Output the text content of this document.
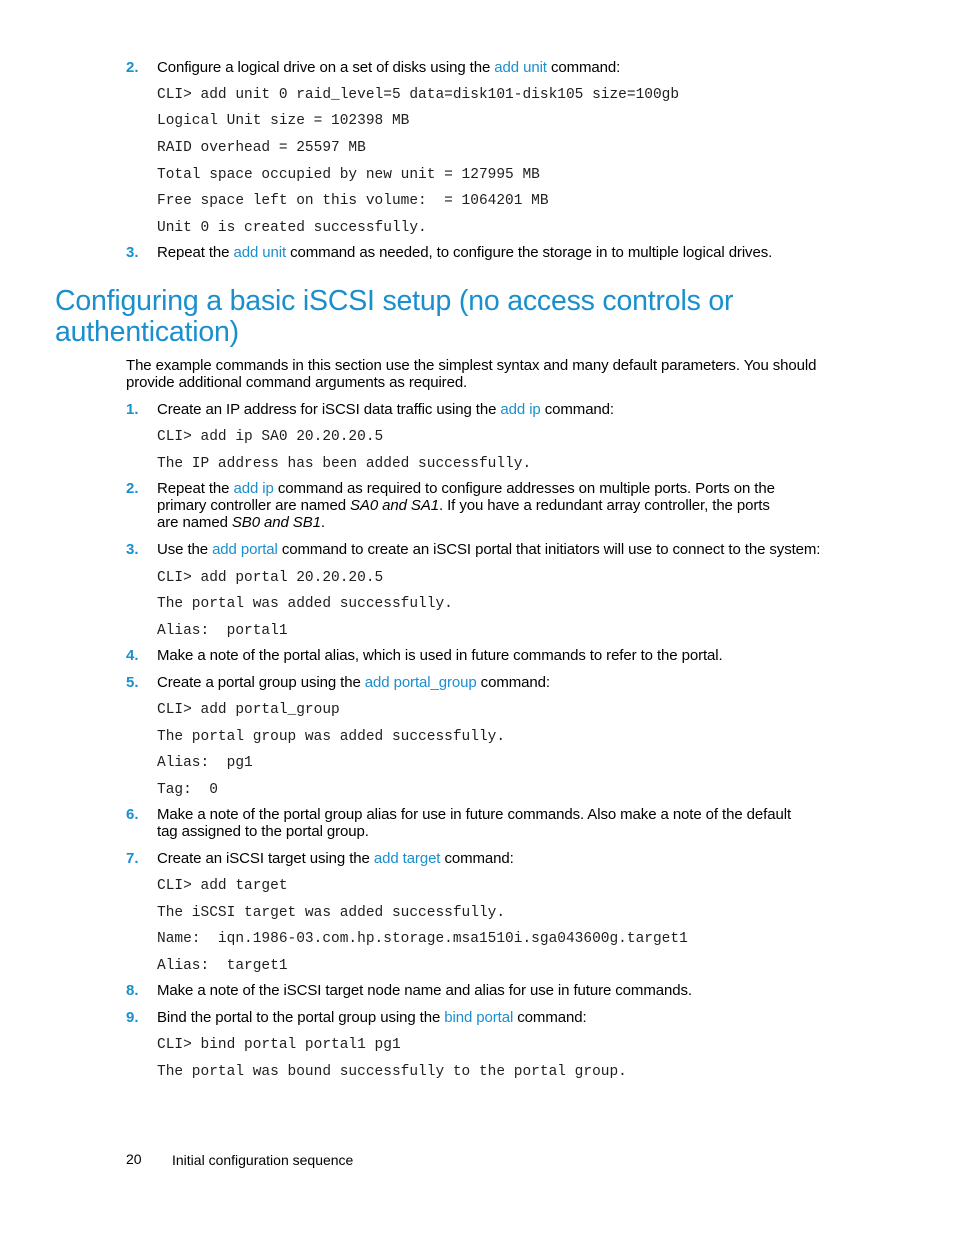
2.	Configure a logical drive on a set of disks using the add unit command:
CLI> add unit 0 raid_level=5 data=disk101-disk105 size=100gb
Logical Unit size = 102398 MB
RAID overhead = 25597 MB
Total space occupied by new unit = 127995 MB
Free space left on this volume:  = 1064201 MB
Unit 0 is created successfully.
3.	Repeat the add unit command as needed, to configure the storage in to multiple logical drives.
Configuring a basic iSCSI setup (no access controls or
authentication)
The example commands in this section use the simplest syntax and many default parameters. You should
provide additional command arguments as required.
1.	Create an IP address for iSCSI data traffic using the add ip command:
CLI> add ip SA0 20.20.20.5
The IP address has been added successfully.
2.	Repeat the add ip command as required to configure addresses on multiple ports. Ports on the
primary controller are named SA0 and SA1. If you have a redundant array controller, the ports
are named SB0 and SB1.
3.	Use the add portal command to create an iSCSI portal that initiators will use to connect to the system:
CLI> add portal 20.20.20.5
The portal was added successfully.
Alias:  portal1
4.	Make a note of the portal alias, which is used in future commands to refer to the portal.
5.	Create a portal group using the add portal_group command:
CLI> add portal_group
The portal group was added successfully.
Alias:  pg1
Tag:  0
6.	Make a note of the portal group alias for use in future commands. Also make a note of the default
tag assigned to the portal group.
7.	Create an iSCSI target using the add target command:
CLI> add target
The iSCSI target was added successfully.
Name:  iqn.1986-03.com.hp.storage.msa1510i.sga043600g.target1
Alias:  target1
8.	Make a note of the iSCSI target node name and alias for use in future commands.
9.	Bind the portal to the portal group using the bind portal command:
CLI> bind portal portal1 pg1
The portal was bound successfully to the portal group.
20 Initial configuration sequence
